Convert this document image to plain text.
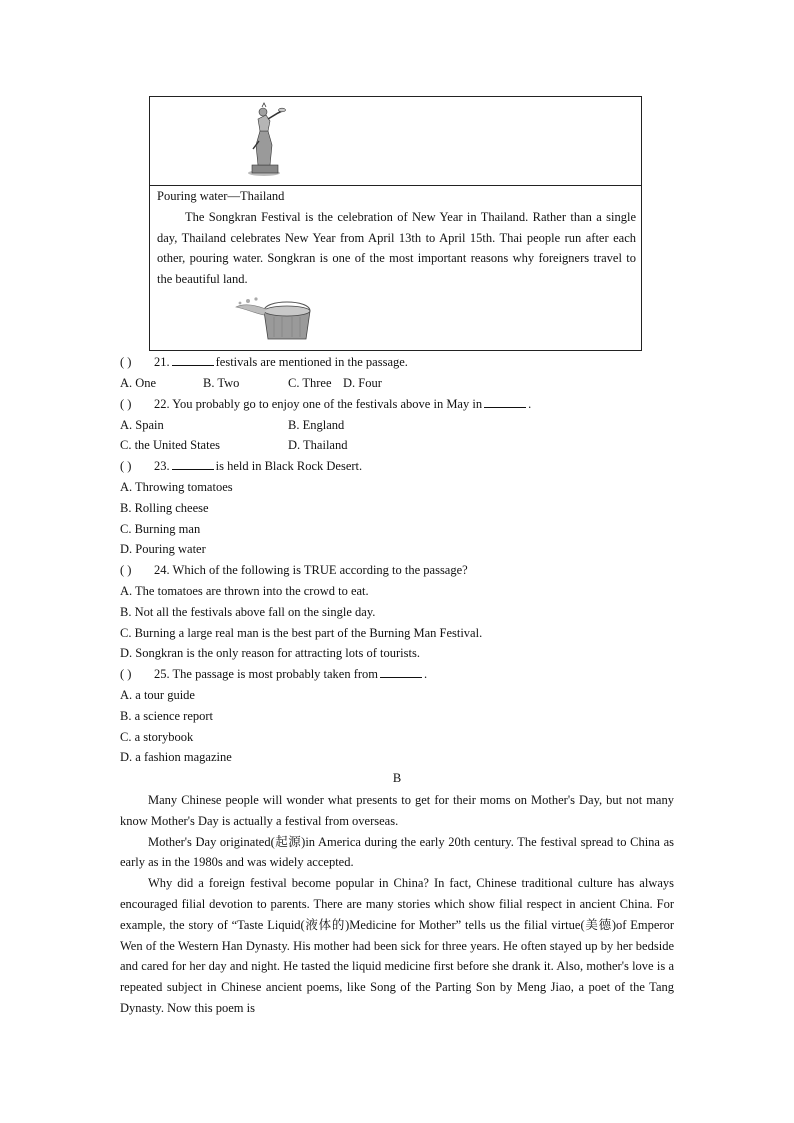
Pouring water—Thailand
The Songkran Festival is the celebration of New Year in Thailand. Rather than a single day, Thailand celebrates New Year from April 13th to April 15th. Thai people run after each other, pouring water. Songkran is one of the most important reasons why foreigners travel to the beautiful land.
( ) 21.	festivals are mentioned in the passage.
A. One	B. Two	C. Three D. Four
( ) 22. You probably go to enjoy one of the festivals above in May in	.
A. Spain	B. England
C. the United States	D. Thailand
( ) 23.	is held in Black Rock Desert.
A. Throwing tomatoes
B. Rolling cheese
C. Burning man
D. Pouring water
( ) 24. Which of the following is TRUE according to the passage?
A. The tomatoes are thrown into the crowd to eat.
B. Not all the festivals above fall on the single day.
C. Burning a large real man is the best part of the Burning Man Festival.
D. Songkran is the only reason for attracting lots of tourists.
( ) 25. The passage is most probably taken from	.
A. a tour guide
B. a science report
C. a storybook
D. a fashion magazine
B

Many Chinese people will wonder what presents to get for their moms on Mother's Day, but not many know Mother's Day is actually a festival from overseas.

Mother's Day originated(起源)in America during the early 20th century. The festival spread to China as early as in the 1980s and was widely accepted.

Why did a foreign festival become popular in China? In fact, Chinese traditional culture has always encouraged filial devotion to parents. There are many stories which show filial respect in ancient China. For example, the story of “Taste Liquid(液体的)Medicine for Mother” tells us the filial virtue(美德)of Emperor Wen of the Western Han Dynasty. His mother had been sick for three years. He often stayed up by her bedside and cared for her day and night. He tasted the liquid medicine first before she drank it. Also, mother's love is a repeated subject in Chinese ancient poems, like Song of the Parting Son by Meng Jiao, a poet of the Tang Dynasty. Now this poem is
